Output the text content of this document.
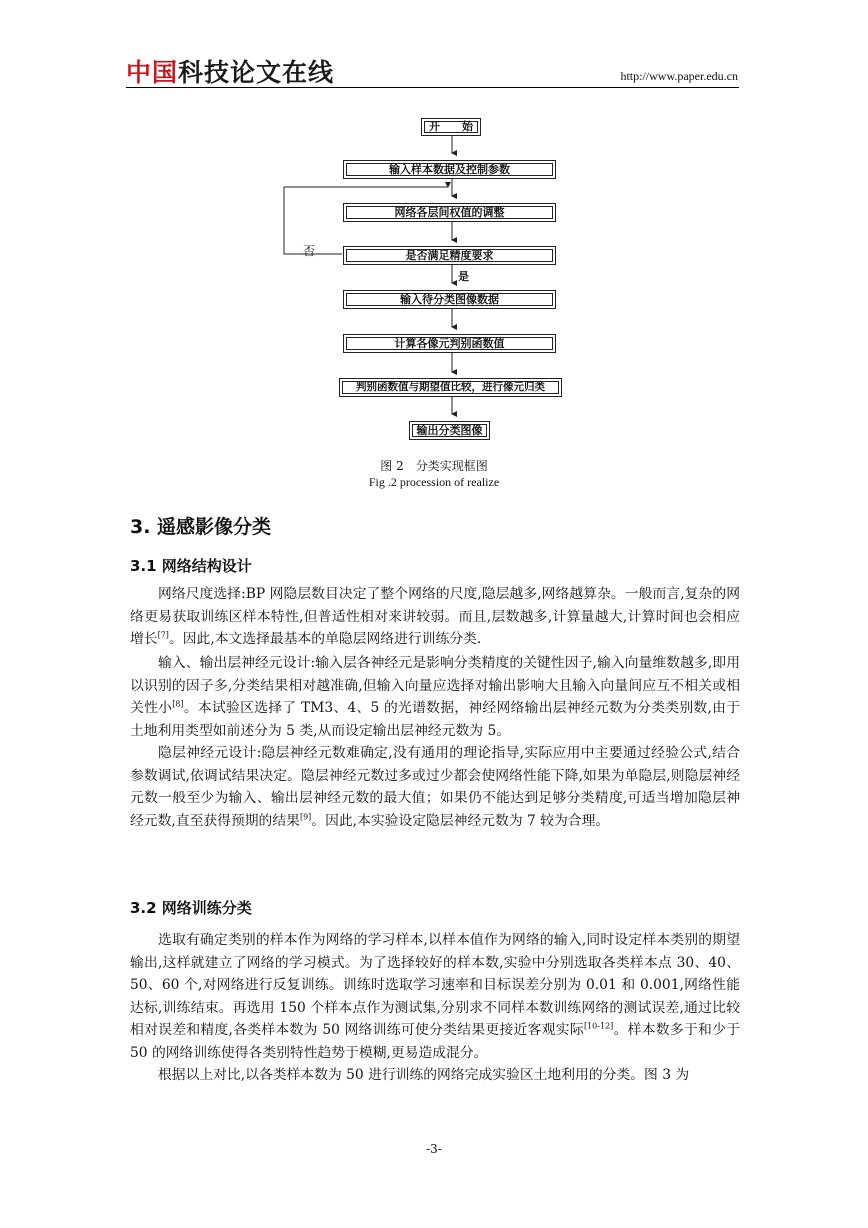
中国科技论文在线	http://www.paper.edu.cn
开　　始
输入样本数据及控制参数
网络各层间权值的调整
是否满足精度要求
否
是
输入待分类图像数据
计算各像元判别函数值
判别函数值与期望值比较，进行像元归类
输出分类图像
图 2　分类实现框图
Fig .2 procession of realize
3. 遥感影像分类
3.1 网络结构设计

网络尺度选择:BP 网隐层数目决定了整个网络的尺度,隐层越多,网络越算杂。一般而言,复杂的网络更易获取训练区样本特性,但普适性相对来讲较弱。而且,层数越多,计算量越大,计算时间也会相应增长[7]。因此,本文选择最基本的单隐层网络进行训练分类.

输入、输出层神经元设计:输入层各神经元是影响分类精度的关键性因子,输入向量维数越多,即用以识别的因子多,分类结果相对越准确,但输入向量应选择对输出影响大且输入向量间应互不相关或相关性小[8]。本试验区选择了 TM3、4、5 的光谱数据，神经网络输出层神经元数为分类类别数,由于土地利用类型如前述分为 5 类,从而设定输出层神经元数为 5。

隐层神经元设计:隐层神经元数难确定,没有通用的理论指导,实际应用中主要通过经验公式,结合参数调试,依调试结果决定。隐层神经元数过多或过少都会使网络性能下降,如果为单隐层,则隐层神经元数一般至少为输入、输出层神经元数的最大值；如果仍不能达到足够分类精度,可适当增加隐层神经元数,直至获得预期的结果[9]。因此,本实验设定隐层神经元数为 7 较为合理。

3.2 网络训练分类

选取有确定类别的样本作为网络的学习样本,以样本值作为网络的输入,同时设定样本类别的期望输出,这样就建立了网络的学习模式。为了选择较好的样本数,实验中分别选取各类样本点 30、40、50、60 个,对网络进行反复训练。训练时选取学习速率和目标误差分别为 0.01 和 0.001,网络性能达标,训练结束。再选用 150 个样本点作为测试集,分别求不同样本数训练网络的测试误差,通过比较相对误差和精度,各类样本数为 50 网络训练可使分类结果更接近客观实际[10-12]。样本数多于和少于 50 的网络训练使得各类别特性趋势于模糊,更易造成混分。

根据以上对比,以各类样本数为 50 进行训练的网络完成实验区土地利用的分类。图 3 为

-3-
